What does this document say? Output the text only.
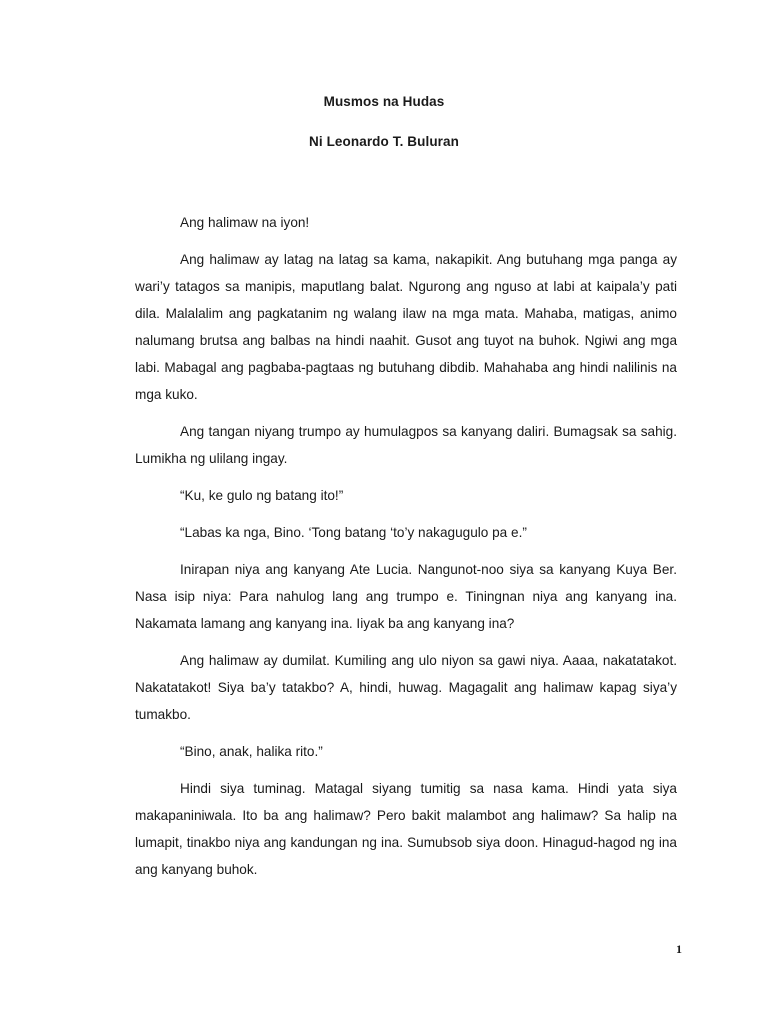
Musmos na Hudas
Ni Leonardo T. Buluran

Ang halimaw na iyon!

Ang halimaw ay latag na latag sa kama, nakapikit. Ang butuhang mga panga ay wari’y tatagos sa manipis, maputlang balat. Ngurong ang nguso at labi at kaipala’y pati dila. Malalalim ang pagkatanim ng walang ilaw na mga mata. Mahaba, matigas, animo nalumang brutsa ang balbas na hindi naahit. Gusot ang tuyot na buhok. Ngiwi ang mga labi. Mabagal ang pagbaba-pagtaas ng butuhang dibdib. Mahahaba ang hindi nalilinis na mga kuko.

Ang tangan niyang trumpo ay humulagpos sa kanyang daliri. Bumagsak sa sahig. Lumikha ng ulilang ingay.

“Ku, ke gulo ng batang ito!”

“Labas ka nga, Bino. ‘Tong batang ‘to’y nakagugulo pa e.”

Inirapan niya ang kanyang Ate Lucia. Nangunot-noo siya sa kanyang Kuya Ber. Nasa isip niya: Para nahulog lang ang trumpo e. Tiningnan niya ang kanyang ina. Nakamata lamang ang kanyang ina. Iiyak ba ang kanyang ina?

Ang halimaw ay dumilat. Kumiling ang ulo niyon sa gawi niya. Aaaa, nakatatakot. Nakatatakot! Siya ba’y tatakbo? A, hindi, huwag. Magagalit ang halimaw kapag siya’y tumakbo.

“Bino, anak, halika rito.”

Hindi siya tuminag. Matagal siyang tumitig sa nasa kama. Hindi yata siya makapaniniwala. Ito ba ang halimaw? Pero bakit malambot ang halimaw? Sa halip na lumapit, tinakbo niya ang kandungan ng ina. Sumubsob siya doon. Hinagud-hagod ng ina ang kanyang buhok.

1
